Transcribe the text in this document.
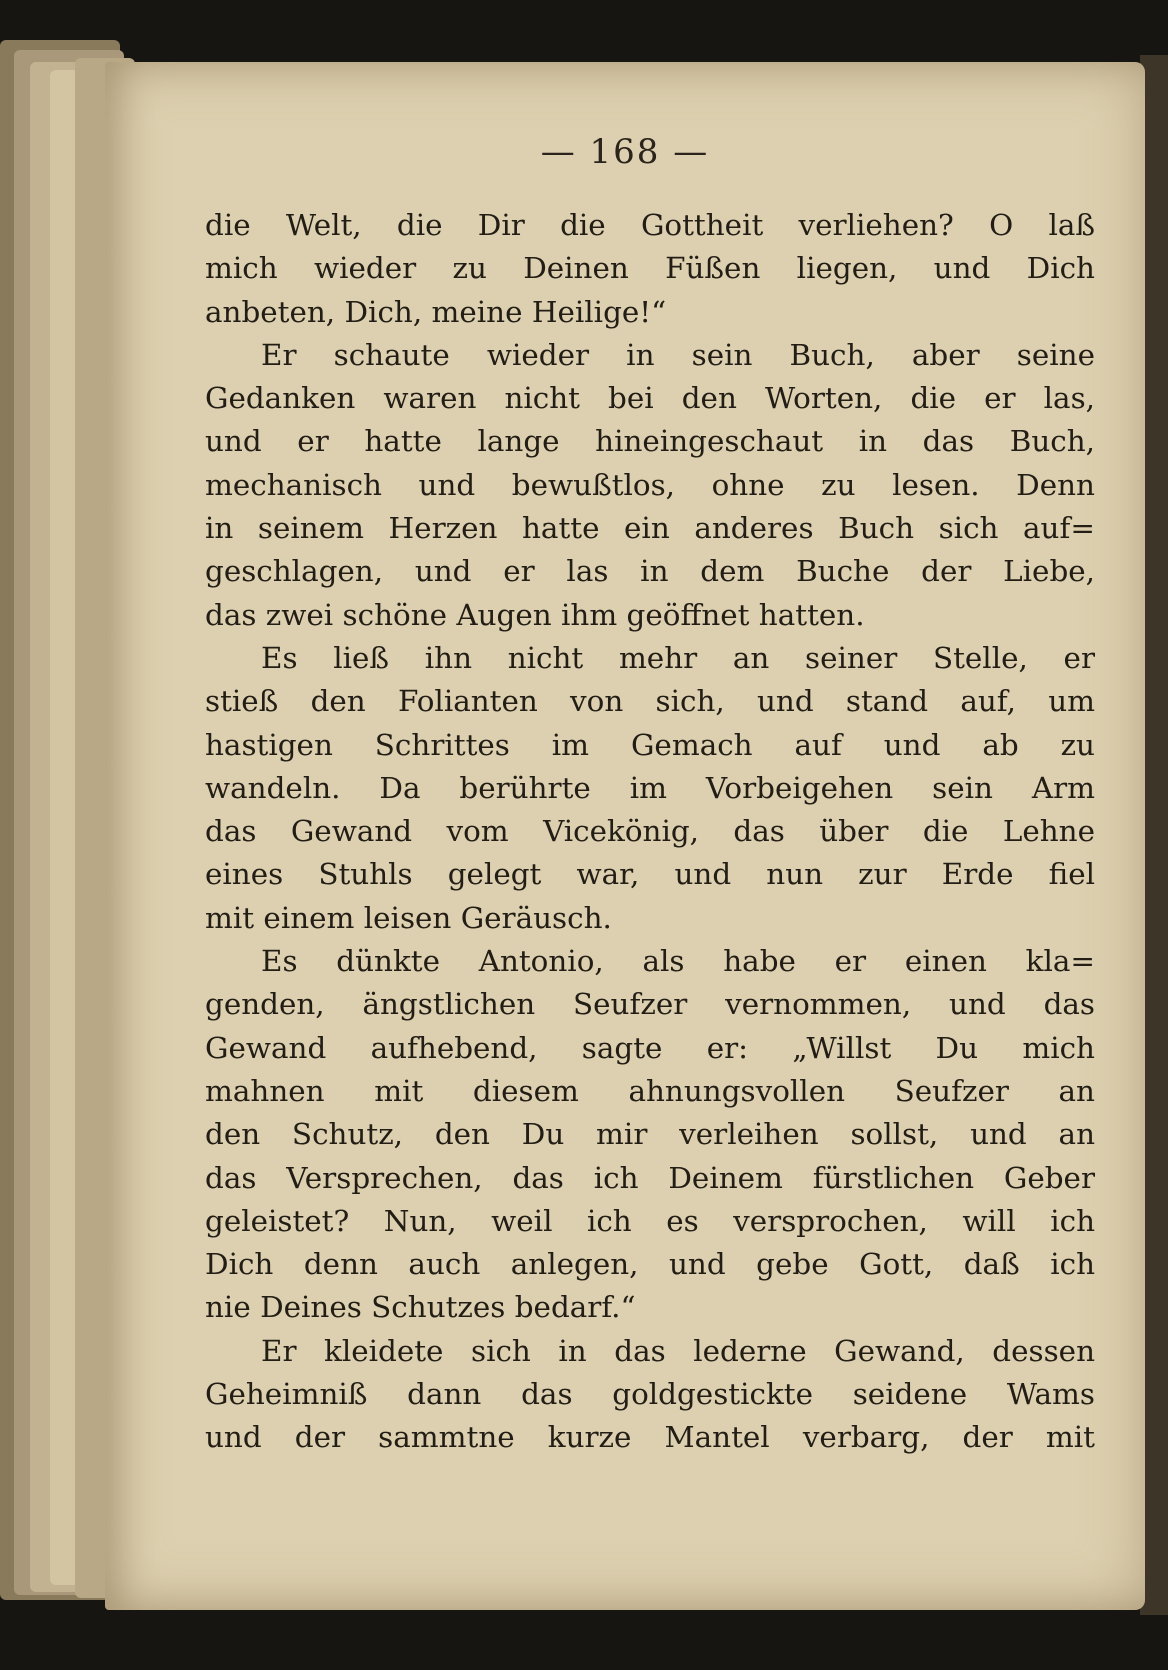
— 168 —
die Welt, die Dir die Gottheit verliehen? O laß
mich wieder zu Deinen Füßen liegen, und Dich
anbeten, Dich, meine Heilige!“
Er schaute wieder in sein Buch, aber seine
Gedanken waren nicht bei den Worten, die er las,
und er hatte lange hineingeschaut in das Buch,
mechanisch und bewußtlos, ohne zu lesen. Denn
in seinem Herzen hatte ein anderes Buch sich auf=
geschlagen, und er las in dem Buche der Liebe,
das zwei schöne Augen ihm geöffnet hatten.
Es ließ ihn nicht mehr an seiner Stelle, er
stieß den Folianten von sich, und stand auf, um
hastigen Schrittes im Gemach auf und ab zu
wandeln. Da berührte im Vorbeigehen sein Arm
das Gewand vom Vicekönig, das über die Lehne
eines Stuhls gelegt war, und nun zur Erde fiel
mit einem leisen Geräusch.
Es dünkte Antonio, als habe er einen kla=
genden, ängstlichen Seufzer vernommen, und das
Gewand aufhebend, sagte er: „Willst Du mich
mahnen mit diesem ahnungsvollen Seufzer an
den Schutz, den Du mir verleihen sollst, und an
das Versprechen, das ich Deinem fürstlichen Geber
geleistet? Nun, weil ich es versprochen, will ich
Dich denn auch anlegen, und gebe Gott, daß ich
nie Deines Schutzes bedarf.“
Er kleidete sich in das lederne Gewand, dessen
Geheimniß dann das goldgestickte seidene Wams
und der sammtne kurze Mantel verbarg, der mit
